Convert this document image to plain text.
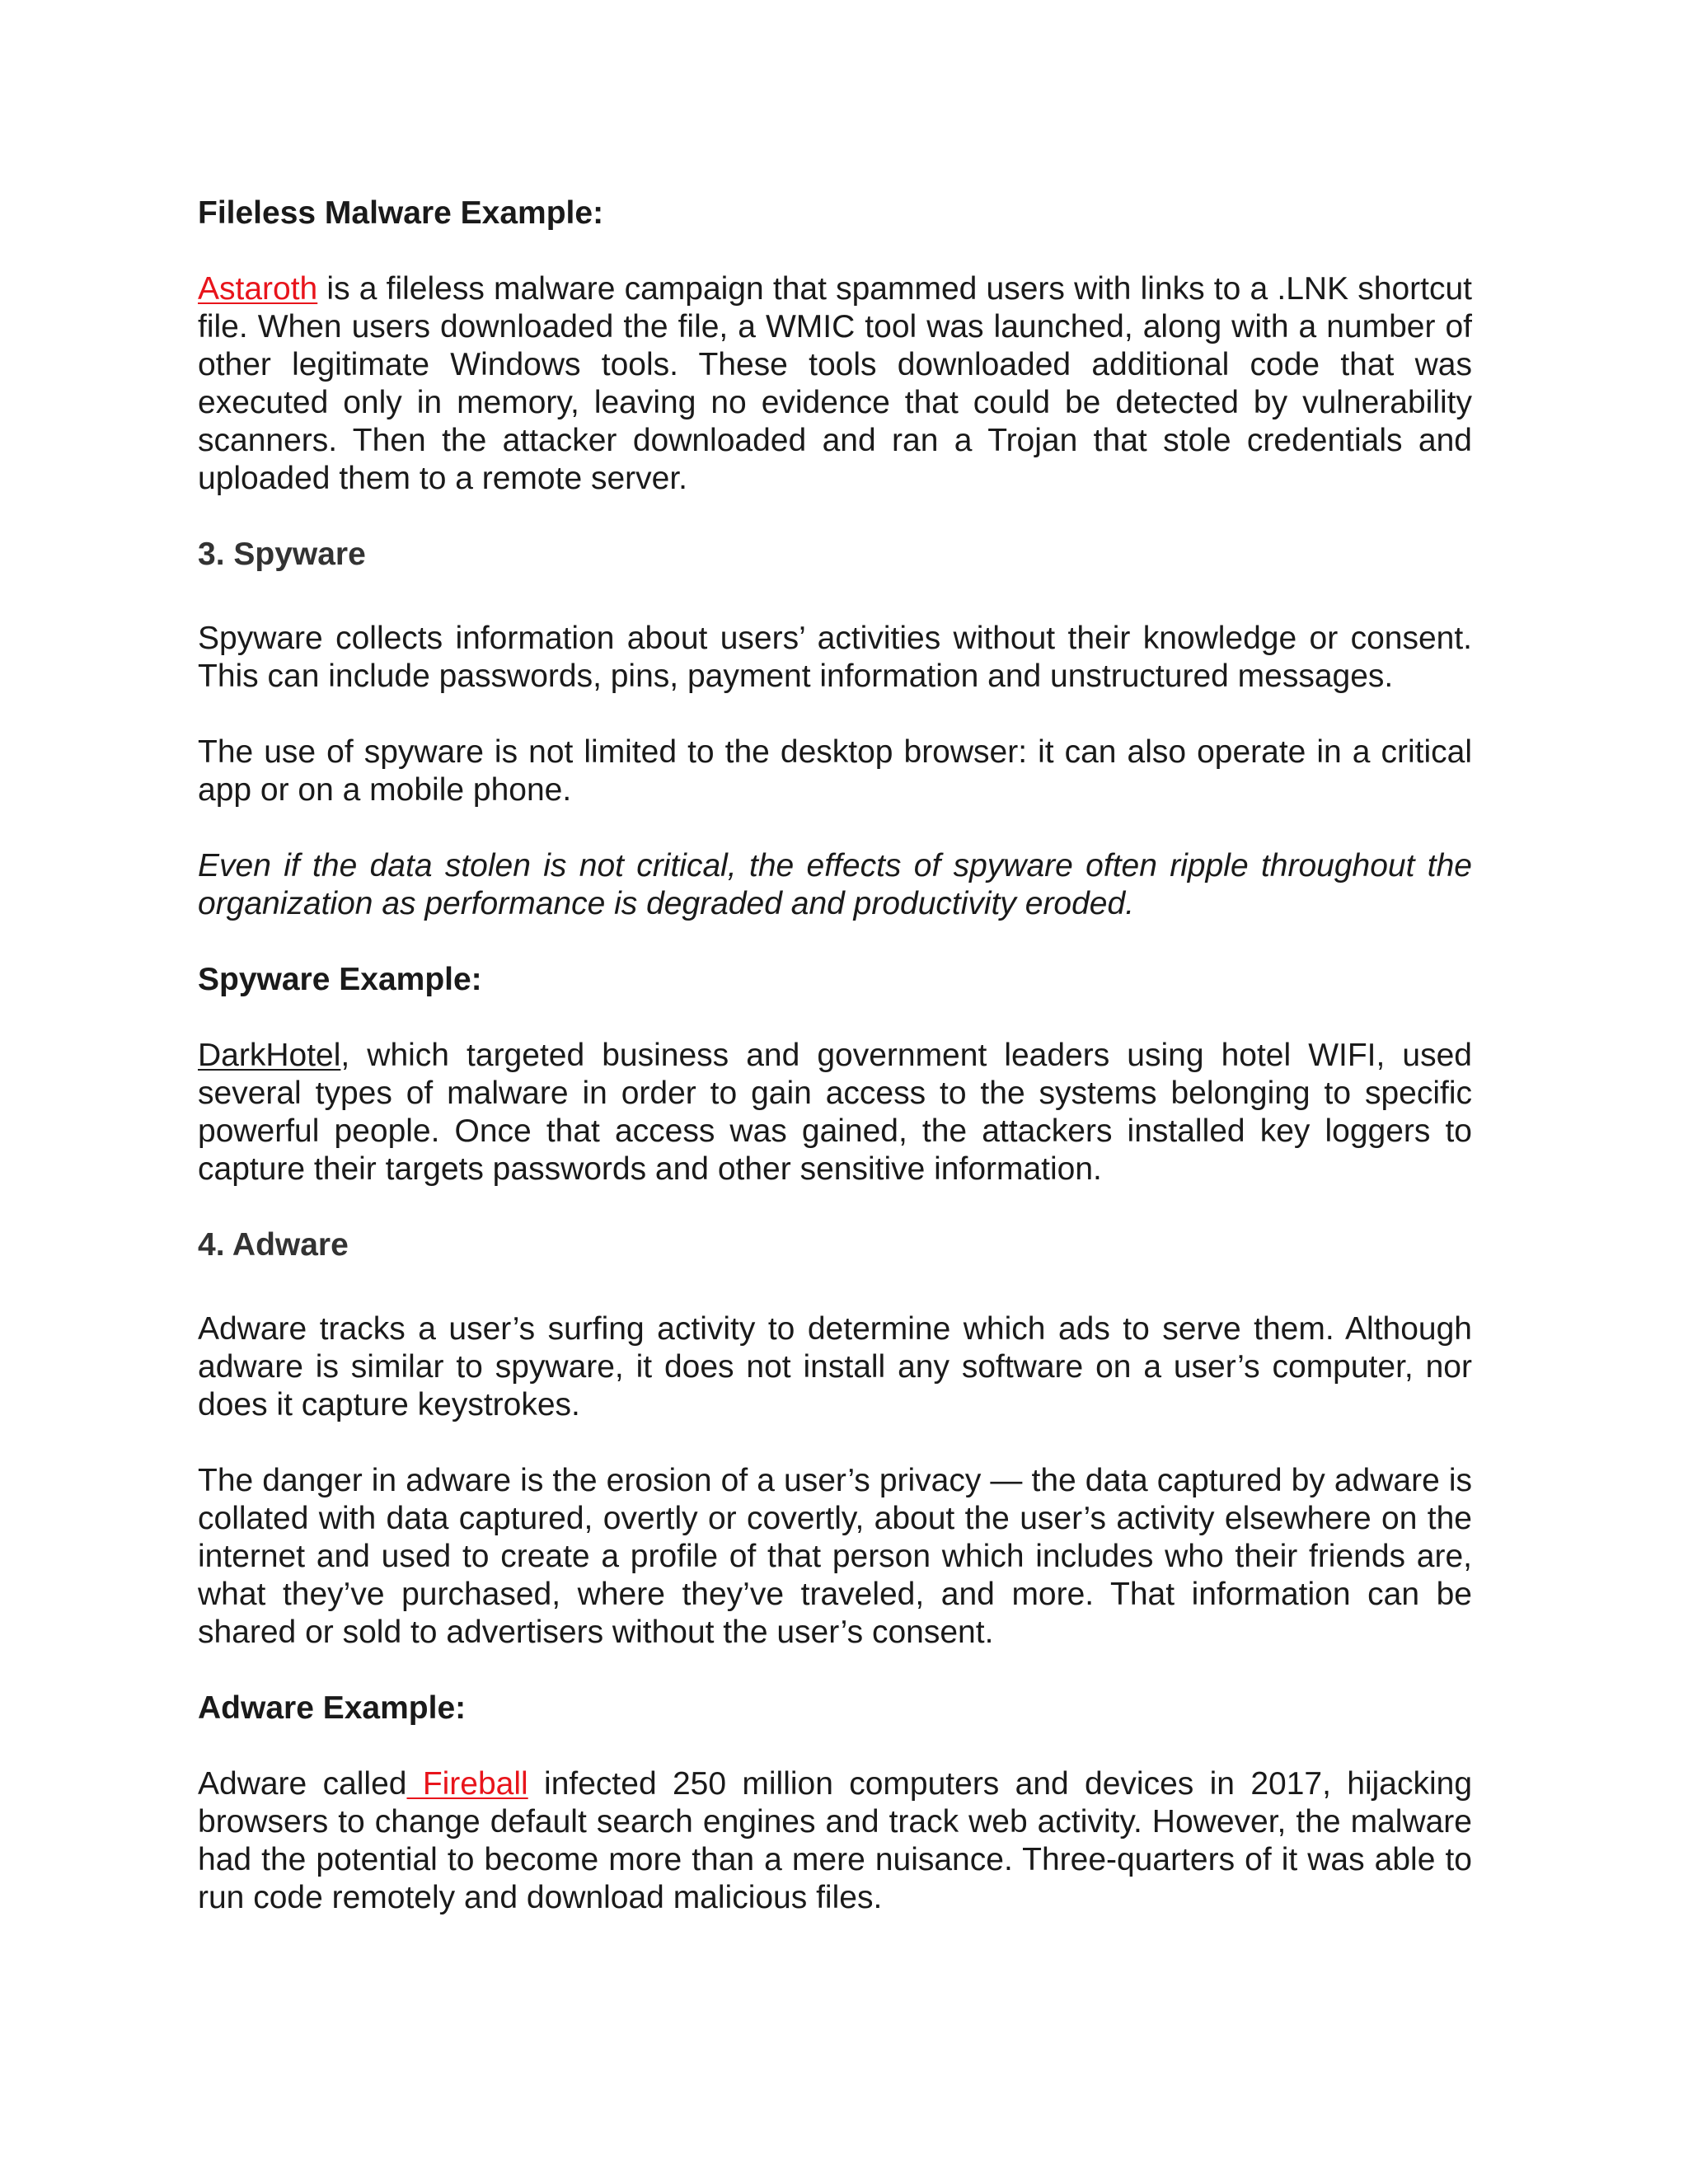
Fileless Malware Example:

Astaroth is a fileless malware campaign that spammed users with links to a .LNK shortcut file. When users downloaded the file, a WMIC tool was launched, along with a number of other legitimate Windows tools. These tools downloaded additional code that was executed only in memory, leaving no evidence that could be detected by vulnerability scanners. Then the attacker downloaded and ran a Trojan that stole credentials and uploaded them to a remote server.

3. Spyware

Spyware collects information about users’ activities without their knowledge or consent. This can include passwords, pins, payment information and unstructured messages.

The use of spyware is not limited to the desktop browser: it can also operate in a critical app or on a mobile phone.

Even if the data stolen is not critical, the effects of spyware often ripple throughout the organization as performance is degraded and productivity eroded.

Spyware Example:

DarkHotel, which targeted business and government leaders using hotel WIFI, used several types of malware in order to gain access to the systems belonging to specific powerful people. Once that access was gained, the attackers installed key loggers to capture their targets passwords and other sensitive information.

4. Adware

Adware tracks a user’s surfing activity to determine which ads to serve them. Although adware is similar to spyware, it does not install any software on a user’s computer, nor does it capture keystrokes.

The danger in adware is the erosion of a user’s privacy — the data captured by adware is collated with data captured, overtly or covertly, about the user’s activity elsewhere on the internet and used to create a profile of that person which includes who their friends are, what they’ve purchased, where they’ve traveled, and more. That information can be shared or sold to advertisers without the user’s consent.

Adware Example:

Adware called Fireball infected 250 million computers and devices in 2017, hijacking browsers to change default search engines and track web activity. However, the malware had the potential to become more than a mere nuisance. Three-quarters of it was able to run code remotely and download malicious files.
